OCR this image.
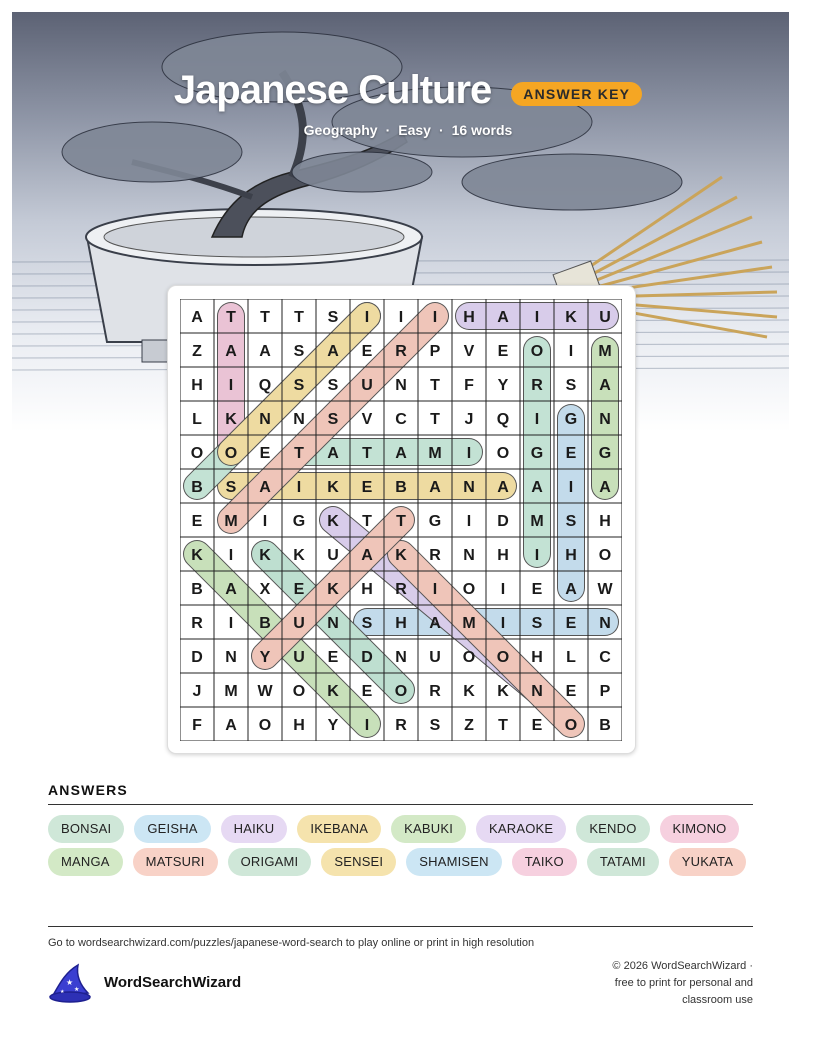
Japanese Culture ANSWER KEY
Geography · Easy · 16 words
A T T T S I I I H A I K U
Z A A S A E R P V E O I M
H I Q S S U N T F Y R S A
L K N N S V C T J Q I G N
O O E T A T A M I O G E G
B S A I K E B A N A A I A
E M I G K T T G I D M S H
K I K K U A K R N H I H O
B A X E K H R I O I E A W
R I B U N S H A M I S E N
D N Y U E D N U O O H L C
J M W O K E O R K K N E P
F A O H Y I R S Z T E O B
ANSWERS
BONSAI	GEISHA	HAIKU	IKEBANA	KABUKI	KARAOKE	KENDO	KIMONOMANGA	MATSURI	ORIGAMI	SENSEI	SHAMISEN	TAIKO	TATAMI	YUKATA
Go to wordsearchwizard.com/puzzles/japanese-word-search to play online or print in high resolution
★
★
★
WordSearchWizard
© 2026 WordSearchWizard ·
free to print for personal and
classroom use
